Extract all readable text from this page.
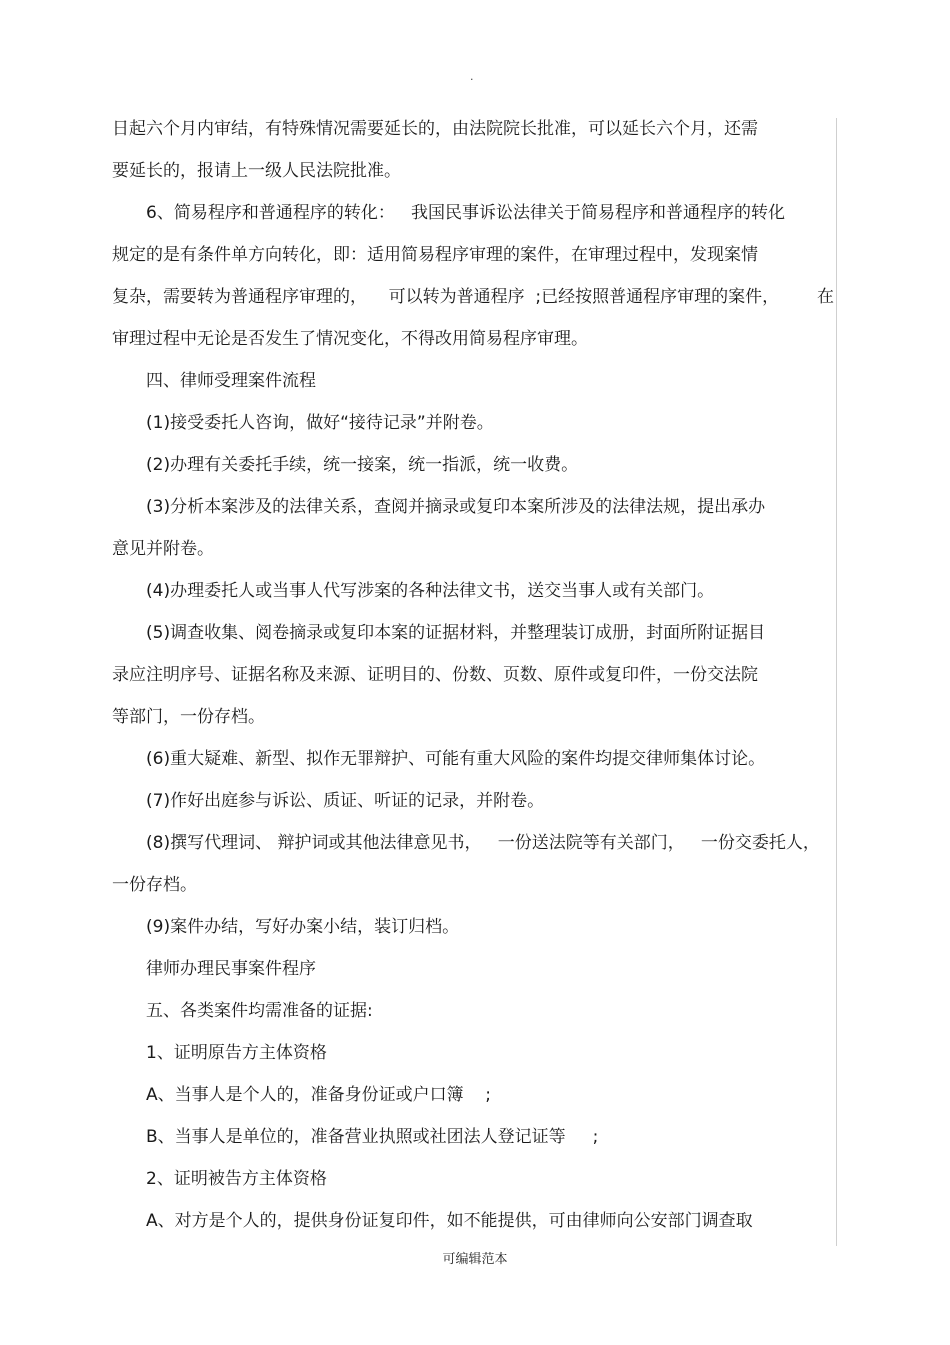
.
日起六个月内审结，有特殊情况需要延长的，由法院院长批准，可以延长六个月，还需
要延长的，报请上一级人民法院批准。
6、简易程序和普通程序的转化：   我国民事诉讼法律关于简易程序和普通程序的转化
规定的是有条件单方向转化，即：适用简易程序审理的案件，在审理过程中，发现案情
复杂，需要转为普通程序审理的，    可以转为普通程序  ;已经按照普通程序审理的案件， 在
审理过程中无论是否发生了情况变化，不得改用简易程序审理。
四、律师受理案件流程
(1)接受委托人咨询，做好“接待记录”并附卷。
(2)办理有关委托手续，统一接案，统一指派，统一收费。
(3)分析本案涉及的法律关系，查阅并摘录或复印本案所涉及的法律法规，提出承办
意见并附卷。
(4)办理委托人或当事人代写涉案的各种法律文书，送交当事人或有关部门。
(5)调查收集、阅卷摘录或复印本案的证据材料，并整理装订成册，封面所附证据目
录应注明序号、证据名称及来源、证明目的、份数、页数、原件或复印件，一份交法院
等部门，一份存档。
(6)重大疑难、新型、拟作无罪辩护、可能有重大风险的案件均提交律师集体讨论。
(7)作好出庭参与诉讼、质证、听证的记录，并附卷。
(8)撰写代理词、 辩护词或其他法律意见书，   一份送法院等有关部门，   一份交委托人，
一份存档。
(9)案件办结，写好办案小结，装订归档。
律师办理民事案件程序
五、各类案件均需准备的证据:
1、证明原告方主体资格
A、当事人是个人的，准备身份证或户口簿    ;
B、当事人是单位的，准备营业执照或社团法人登记证等     ;
2、证明被告方主体资格
A、对方是个人的，提供身份证复印件，如不能提供，可由律师向公安部门调查取
可编辑范本
